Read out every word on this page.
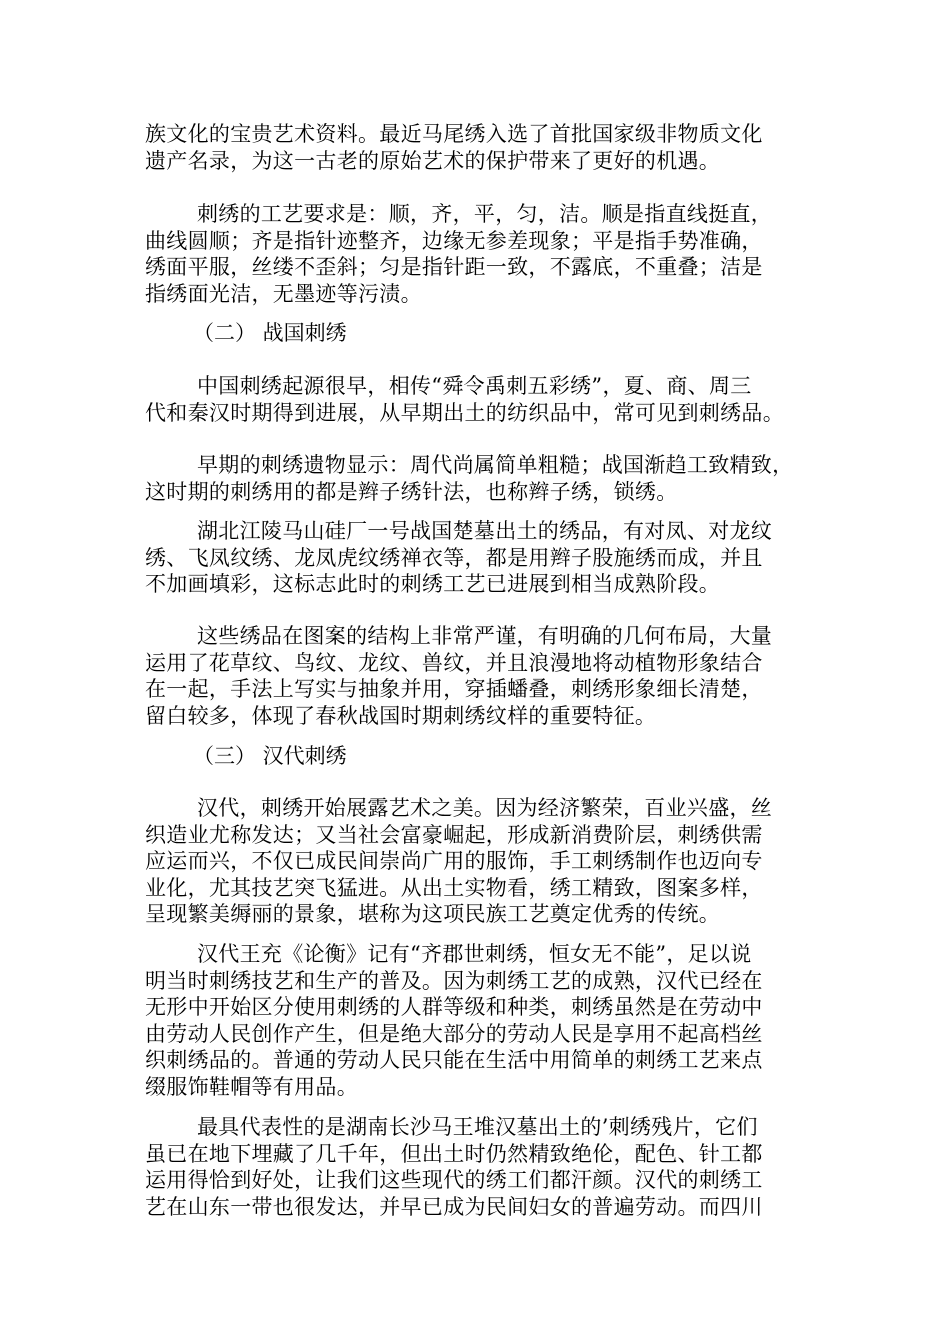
族文化的宝贵艺术资料。最近马尾绣入选了首批国家级非物质文化
遗产名录，为这一古老的原始艺术的保护带来了更好的机遇。
刺绣的工艺要求是：顺，齐，平，匀，洁。顺是指直线挺直，
曲线圆顺；齐是指针迹整齐，边缘无参差现象；平是指手势准确，
绣面平服，丝缕不歪斜；匀是指针距一致，不露底，不重叠；洁是
指绣面光洁，无墨迹等污渍。
（二） 战国刺绣
中国刺绣起源很早，相传“舜令禹刺五彩绣”，夏、商、周三
代和秦汉时期得到进展，从早期出土的纺织品中，常可见到刺绣品。
早期的刺绣遗物显示：周代尚属简单粗糙；战国渐趋工致精致，
这时期的刺绣用的都是辫子绣针法，也称辫子绣，锁绣。
湖北江陵马山硅厂一号战国楚墓出土的绣品，有对凤、对龙纹
绣、飞凤纹绣、龙凤虎纹绣禅衣等，都是用辫子股施绣而成，并且
不加画填彩，这标志此时的刺绣工艺已进展到相当成熟阶段。
这些绣品在图案的结构上非常严谨，有明确的几何布局，大量
运用了花草纹、鸟纹、龙纹、兽纹，并且浪漫地将动植物形象结合
在一起，手法上写实与抽象并用，穿插蟠叠，刺绣形象细长清楚，
留白较多，体现了春秋战国时期刺绣纹样的重要特征。
（三） 汉代刺绣
汉代，刺绣开始展露艺术之美。因为经济繁荣，百业兴盛，丝
织造业尤称发达；又当社会富豪崛起，形成新消费阶层，刺绣供需
应运而兴，不仅已成民间崇尚广用的服饰，手工刺绣制作也迈向专
业化，尤其技艺突飞猛进。从出土实物看，绣工精致，图案多样，
呈现繁美缛丽的景象，堪称为这项民族工艺奠定优秀的传统。
汉代王充《论衡》记有“齐郡世刺绣，恒女无不能”，足以说
明当时刺绣技艺和生产的普及。因为刺绣工艺的成熟，汉代已经在
无形中开始区分使用刺绣的人群等级和种类，刺绣虽然是在劳动中
由劳动人民创作产生，但是绝大部分的劳动人民是享用不起高档丝
织刺绣品的。普通的劳动人民只能在生活中用简单的刺绣工艺来点
缀服饰鞋帽等有用品。
最具代表性的是湖南长沙马王堆汉墓出土的’刺绣残片，它们
虽已在地下埋藏了几千年，但出土时仍然精致绝伦，配色、针工都
运用得恰到好处，让我们这些现代的绣工们都汗颜。汉代的刺绣工
艺在山东一带也很发达，并早已成为民间妇女的普遍劳动。而四川
